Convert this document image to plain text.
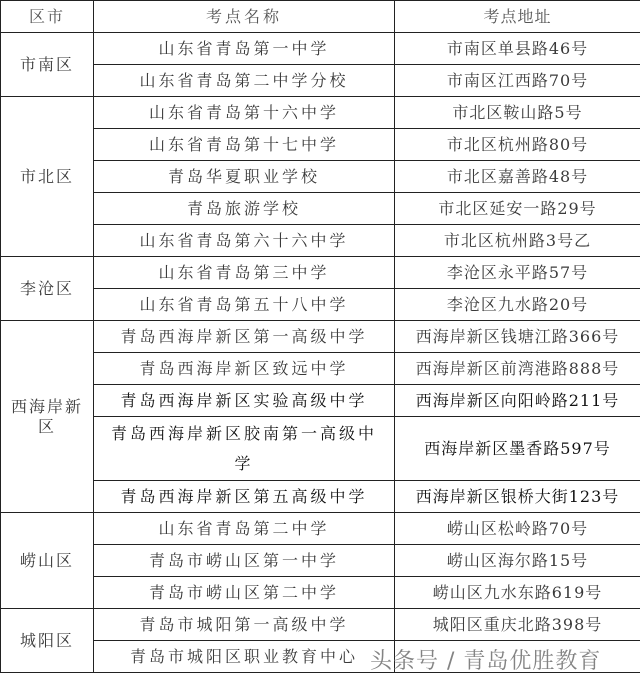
区市	考点名称	考点地址
市南区	山东省青岛第一中学	市南区单县路46号
	山东省青岛第二中学分校	市南区江西路70号
市北区	山东省青岛第十六中学	市北区鞍山路5号
	山东省青岛第十七中学	市北区杭州路80号
	青岛华夏职业学校	市北区嘉善路48号
	青岛旅游学校	市北区延安一路29号
	山东省青岛第六十六中学	市北区杭州路3号乙
李沧区	山东省青岛第三中学	李沧区永平路57号
	山东省青岛第五十八中学	李沧区九水路20号
西海岸新区	青岛西海岸新区第一高级中学	西海岸新区钱塘江路366号
	青岛西海岸新区致远中学	西海岸新区前湾港路888号
	青岛西海岸新区实验高级中学	西海岸新区向阳岭路211号
	青岛西海岸新区胶南第一高级中学	西海岸新区墨香路597号
	青岛西海岸新区第五高级中学	西海岸新区银桥大街123号
崂山区	山东省青岛第二中学	崂山区松岭路70号
	青岛市崂山区第一中学	崂山区海尔路15号
	青岛市崂山区第二中学	崂山区九水东路619号
城阳区	青岛市城阳第一高级中学	城阳区重庆北路398号
	青岛市城阳区职业教育中心	头条号 / 青岛优胜教育
